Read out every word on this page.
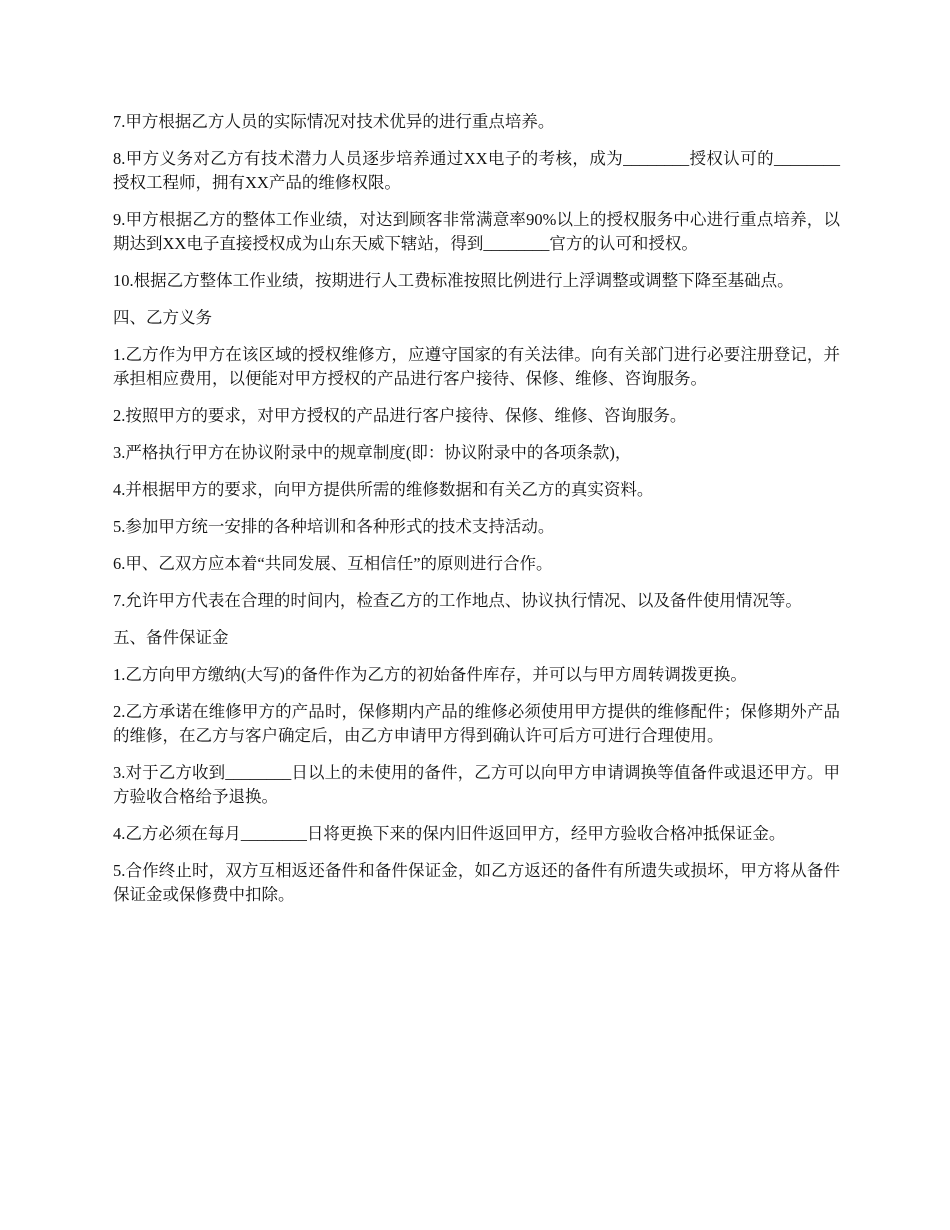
7.甲方根据乙方人员的实际情况对技术优异的进行重点培养。

8.甲方义务对乙方有技术潜力人员逐步培养通过XX电子的考核，成为________授权认可的________授权工程师，拥有XX产品的维修权限。

9.甲方根据乙方的整体工作业绩，对达到顾客非常满意率90%以上的授权服务中心进行重点培养，以期达到XX电子直接授权成为山东天威下辖站，得到________官方的认可和授权。

10.根据乙方整体工作业绩，按期进行人工费标准按照比例进行上浮调整或调整下降至基础点。

四、乙方义务

1.乙方作为甲方在该区域的授权维修方，应遵守国家的有关法律。向有关部门进行必要注册登记，并承担相应费用，以便能对甲方授权的产品进行客户接待、保修、维修、咨询服务。

2.按照甲方的要求，对甲方授权的产品进行客户接待、保修、维修、咨询服务。

3.严格执行甲方在协议附录中的规章制度(即：协议附录中的各项条款)，

4.并根据甲方的要求，向甲方提供所需的维修数据和有关乙方的真实资料。

5.参加甲方统一安排的各种培训和各种形式的技术支持活动。

6.甲、乙双方应本着“共同发展、互相信任”的原则进行合作。

7.允许甲方代表在合理的时间内，检查乙方的工作地点、协议执行情况、以及备件使用情况等。

五、备件保证金

1.乙方向甲方缴纳(大写)的备件作为乙方的初始备件库存，并可以与甲方周转调拨更换。

2.乙方承诺在维修甲方的产品时，保修期内产品的维修必须使用甲方提供的维修配件；保修期外产品的维修，在乙方与客户确定后，由乙方申请甲方得到确认许可后方可进行合理使用。

3.对于乙方收到________日以上的未使用的备件，乙方可以向甲方申请调换等值备件或退还甲方。甲方验收合格给予退换。

4.乙方必须在每月________日将更换下来的保内旧件返回甲方，经甲方验收合格冲抵保证金。

5.合作终止时，双方互相返还备件和备件保证金，如乙方返还的备件有所遗失或损坏，甲方将从备件保证金或保修费中扣除。
